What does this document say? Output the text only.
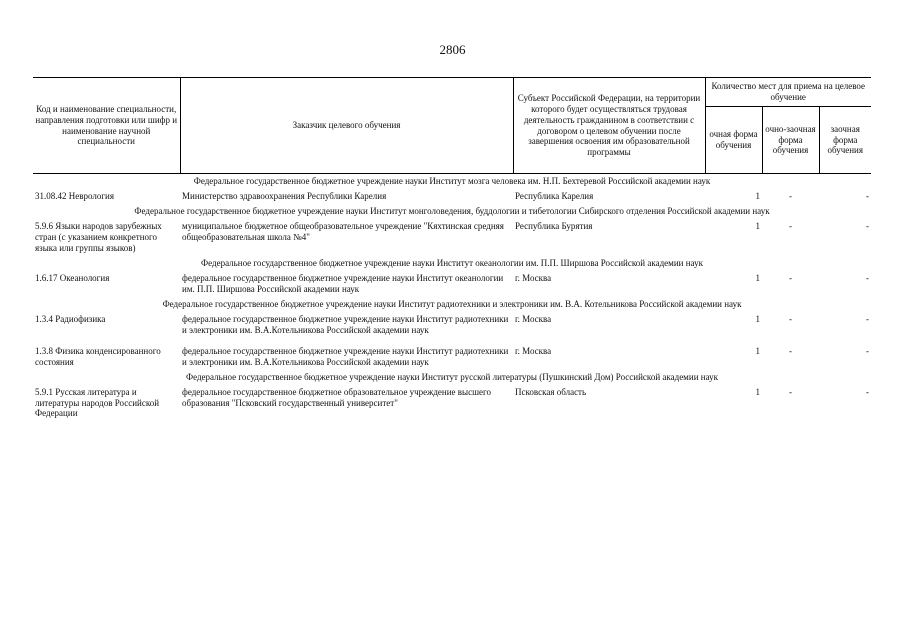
2806
Код и наименование специальности, направления подготовки или шифр и наименование научной специальности	Заказчик целевого обучения	Субъект Российской Федерации, на территории которого будет осуществляться трудовая деятельность гражданином в соответствии с договором о целевом обучении после завершения освоения им образовательной программы	Количество мест для приема на целевое обучение		
			очная форма обучения	очно-заочная форма обучения	заочная форма обучения
Федеральное государственное бюджетное учреждение науки Институт мозга человека им. Н.П. Бехтеревой Российской академии наук					
31.08.42 Неврология	Министерство здравоохранения Республики Карелия	Республика Карелия	1	-	-
Федеральное государственное бюджетное учреждение науки Институт монголоведения, буддологии и тибетологии Сибирского отделения Российской академии наук					
5.9.6 Языки народов зарубежных стран (с указанием конкретного языка или группы языков)	муниципальное бюджетное общеобразовательное учреждение "Кяхтинская средняя общеобразовательная школа №4"	Республика Бурятия	1	-	-
Федеральное государственное бюджетное учреждение науки Институт океанологии им. П.П. Ширшова Российской академии наук					
1.6.17 Океанология	федеральное государственное бюджетное учреждение науки Институт океанологии им. П.П. Ширшова Российской академии наук	г. Москва	1	-	-
Федеральное государственное бюджетное учреждение науки Институт радиотехники и электроники им. В.А. Котельникова Российской академии наук					
1.3.4 Радиофизика	федеральное государственное бюджетное учреждение науки Институт радиотехники и электроники им. В.А.Котельникова Российской академии наук	г. Москва	1	-	-

1.3.8 Физика конденсированного состояния	федеральное государственное бюджетное учреждение науки Институт радиотехники и электроники им. В.А.Котельникова Российской академии наук	г. Москва	1	-	-
Федеральное государственное бюджетное учреждение науки Институт русской литературы (Пушкинский Дом) Российской академии наук					
5.9.1 Русская литература и литературы народов Российской Федерации	федеральное государственное бюджетное образовательное учреждение высшего образования "Псковский государственный университет"	Псковская область	1	-	-
